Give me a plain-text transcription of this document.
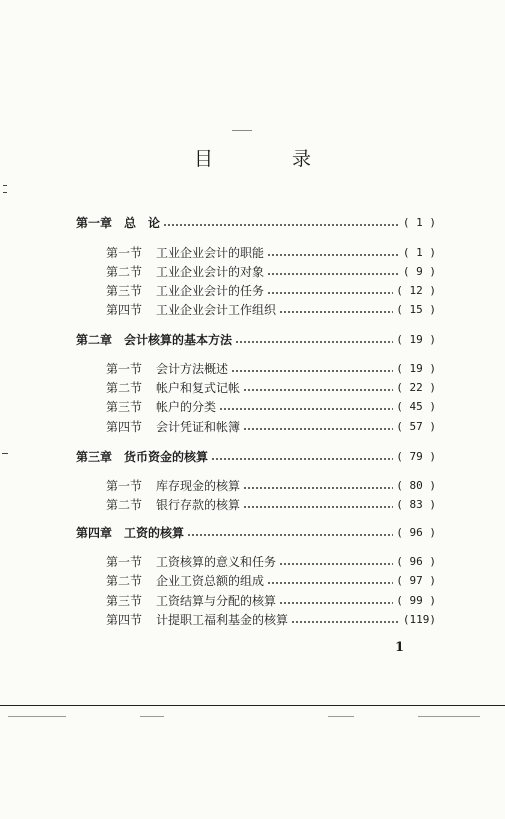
目　录
第一章 总　论	( 1 )
第一节	工业企业会计的职能	( 1 )
第二节	工业企业会计的对象	( 9 )
第三节	工业企业会计的任务	( 12 )
第四节	工业企业会计工作组织	( 15 )
第二章 会计核算的基本方法	( 19 )
第一节	会计方法概述	( 19 )
第二节	帐户和复式记帐	( 22 )
第三节	帐户的分类	( 45 )
第四节	会计凭证和帐簿	( 57 )
第三章 货币资金的核算	( 79 )
第一节	库存现金的核算	( 80 )
第二节	银行存款的核算	( 83 )
第四章 工资的核算	( 96 )
第一节	工资核算的意义和任务	( 96 )
第二节	企业工资总额的组成	( 97 )
第三节	工资结算与分配的核算	( 99 )
第四节	计提职工福利基金的核算	(119)
1
